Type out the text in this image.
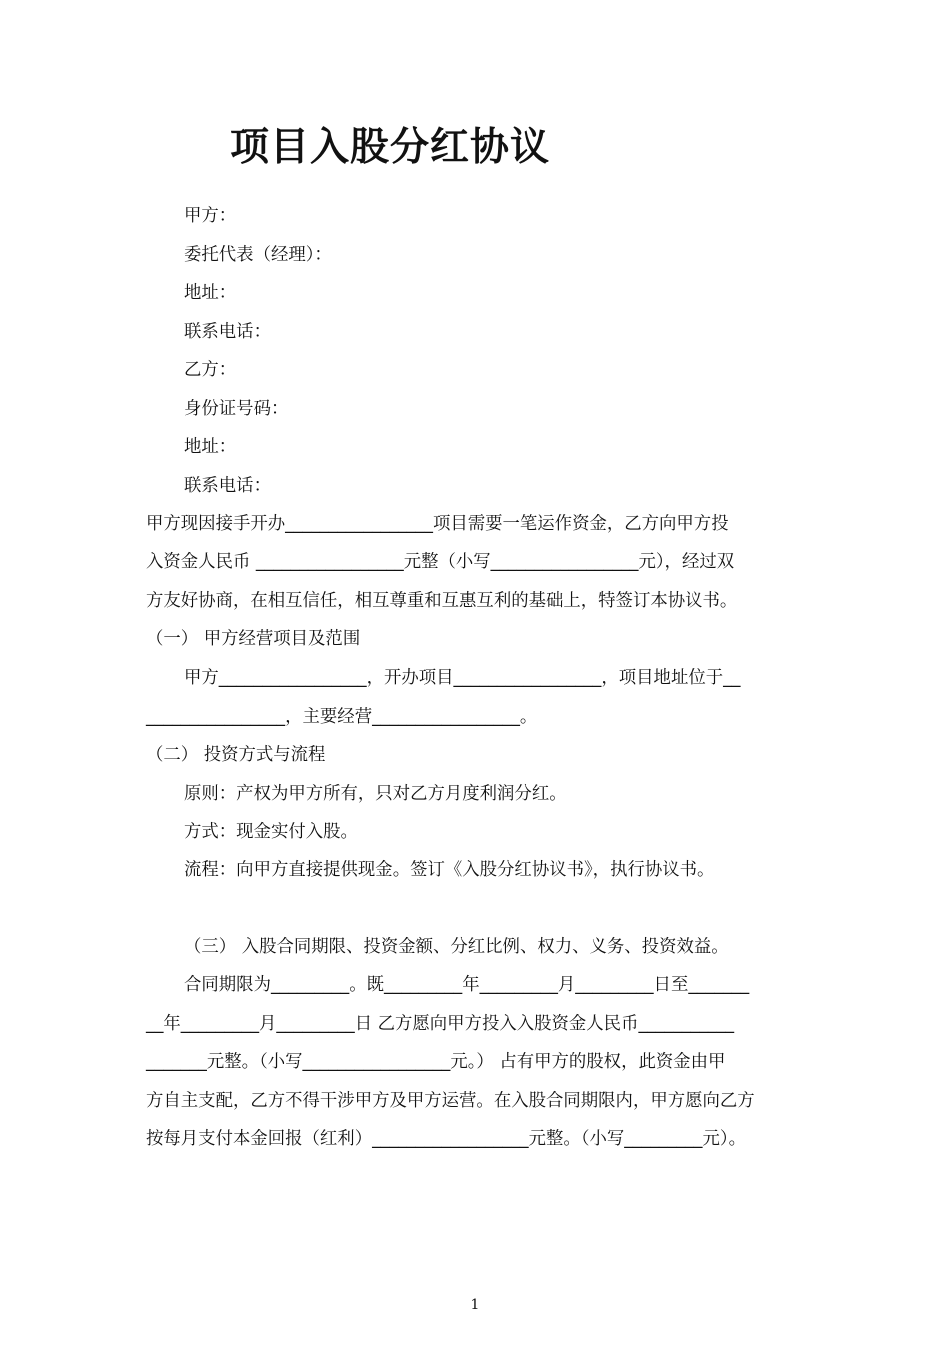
项目入股分红协议
甲方：
委托代表（经理）：
地址：
联系电话：
乙方：
身份证号码：
地址：
联系电话：
甲方现因接手开办_________________项目需要一笔运作资金，乙方向甲方投
入资金人民币 _________________元整（小写_________________元），经过双
方友好协商，在相互信任，相互尊重和互惠互利的基础上，特签订本协议书。
（一） 甲方经营项目及范围
甲方_________________，开办项目_________________，项目地址位于__
________________，主要经营_________________。
（二） 投资方式与流程
原则：产权为甲方所有，只对乙方月度利润分红。
方式：现金实付入股。
流程：向甲方直接提供现金。签订《入股分红协议书》，执行协议书。
（三） 入股合同期限、投资金额、分红比例、权力、义务、投资效益。
合同期限为_________。既_________年_________月_________日至_______
__年_________月_________日 乙方愿向甲方投入入股资金人民币___________
_______元整。（小写_________________元。） 占有甲方的股权，此资金由甲
方自主支配，乙方不得干涉甲方及甲方运营。在入股合同期限内，甲方愿向乙方
按每月支付本金回报（红利）__________________元整。（小写_________元）。
1
